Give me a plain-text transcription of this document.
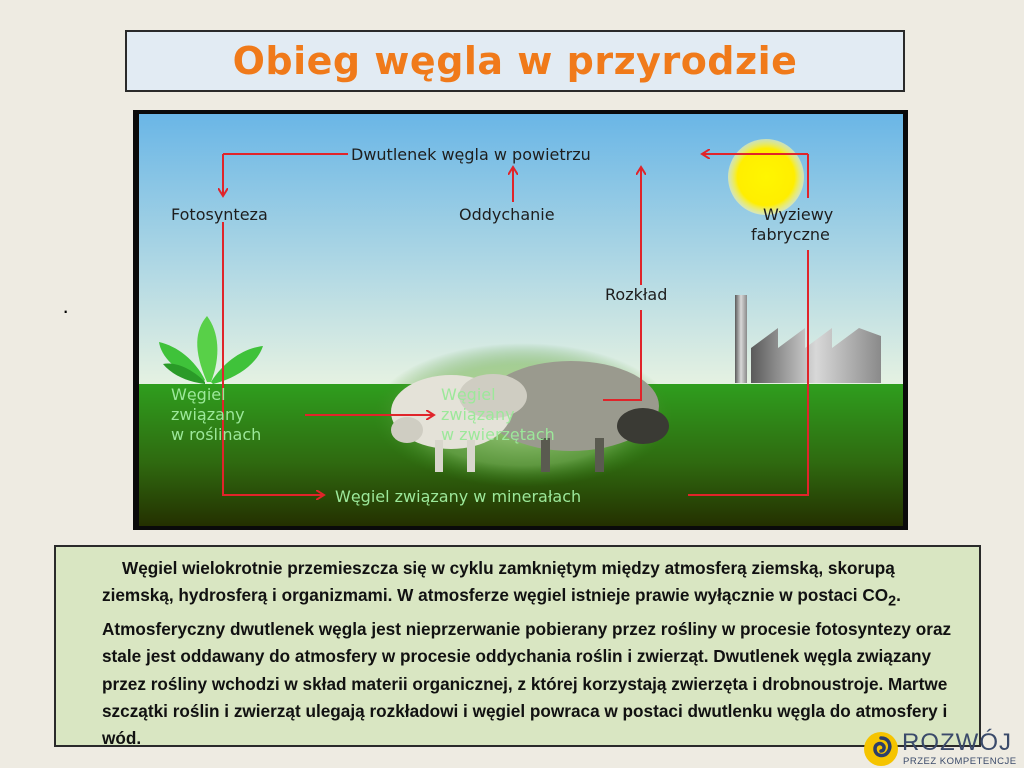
Obieg węgla w przyrodzie
·
Dwutlenek węgla w powietrzu
Fotosynteza	Oddychanie	Wyziewy
fabryczne
Rozkład
Węgiel
związany
w roślinach
Węgiel
związany
w zwierzętach
Węgiel związany w minerałach

Węgiel wielokrotnie przemieszcza się w cyklu zamkniętym między atmosferą ziemską, skorupą ziemską, hydrosferą i organizmami. W atmosferze węgiel istnieje prawie wyłącznie w postaci $CO_2$. Atmosferyczny dwutlenek węgla jest nieprzerwanie pobierany przez rośliny w procesie fotosyntezy oraz stale jest oddawany do atmosfery w procesie oddychania roślin i zwierząt. Dwutlenek węgla związany przez rośliny wchodzi w skład materii organicznej, z której korzystają zwierzęta i drobnoustroje. Martwe szczątki roślin i zwierząt ulegają rozkładowi i węgiel powraca w postaci dwutlenku węgla do atmosfery i wód.	ROZWÓJ
PRZEZ KOMPETENCJE
